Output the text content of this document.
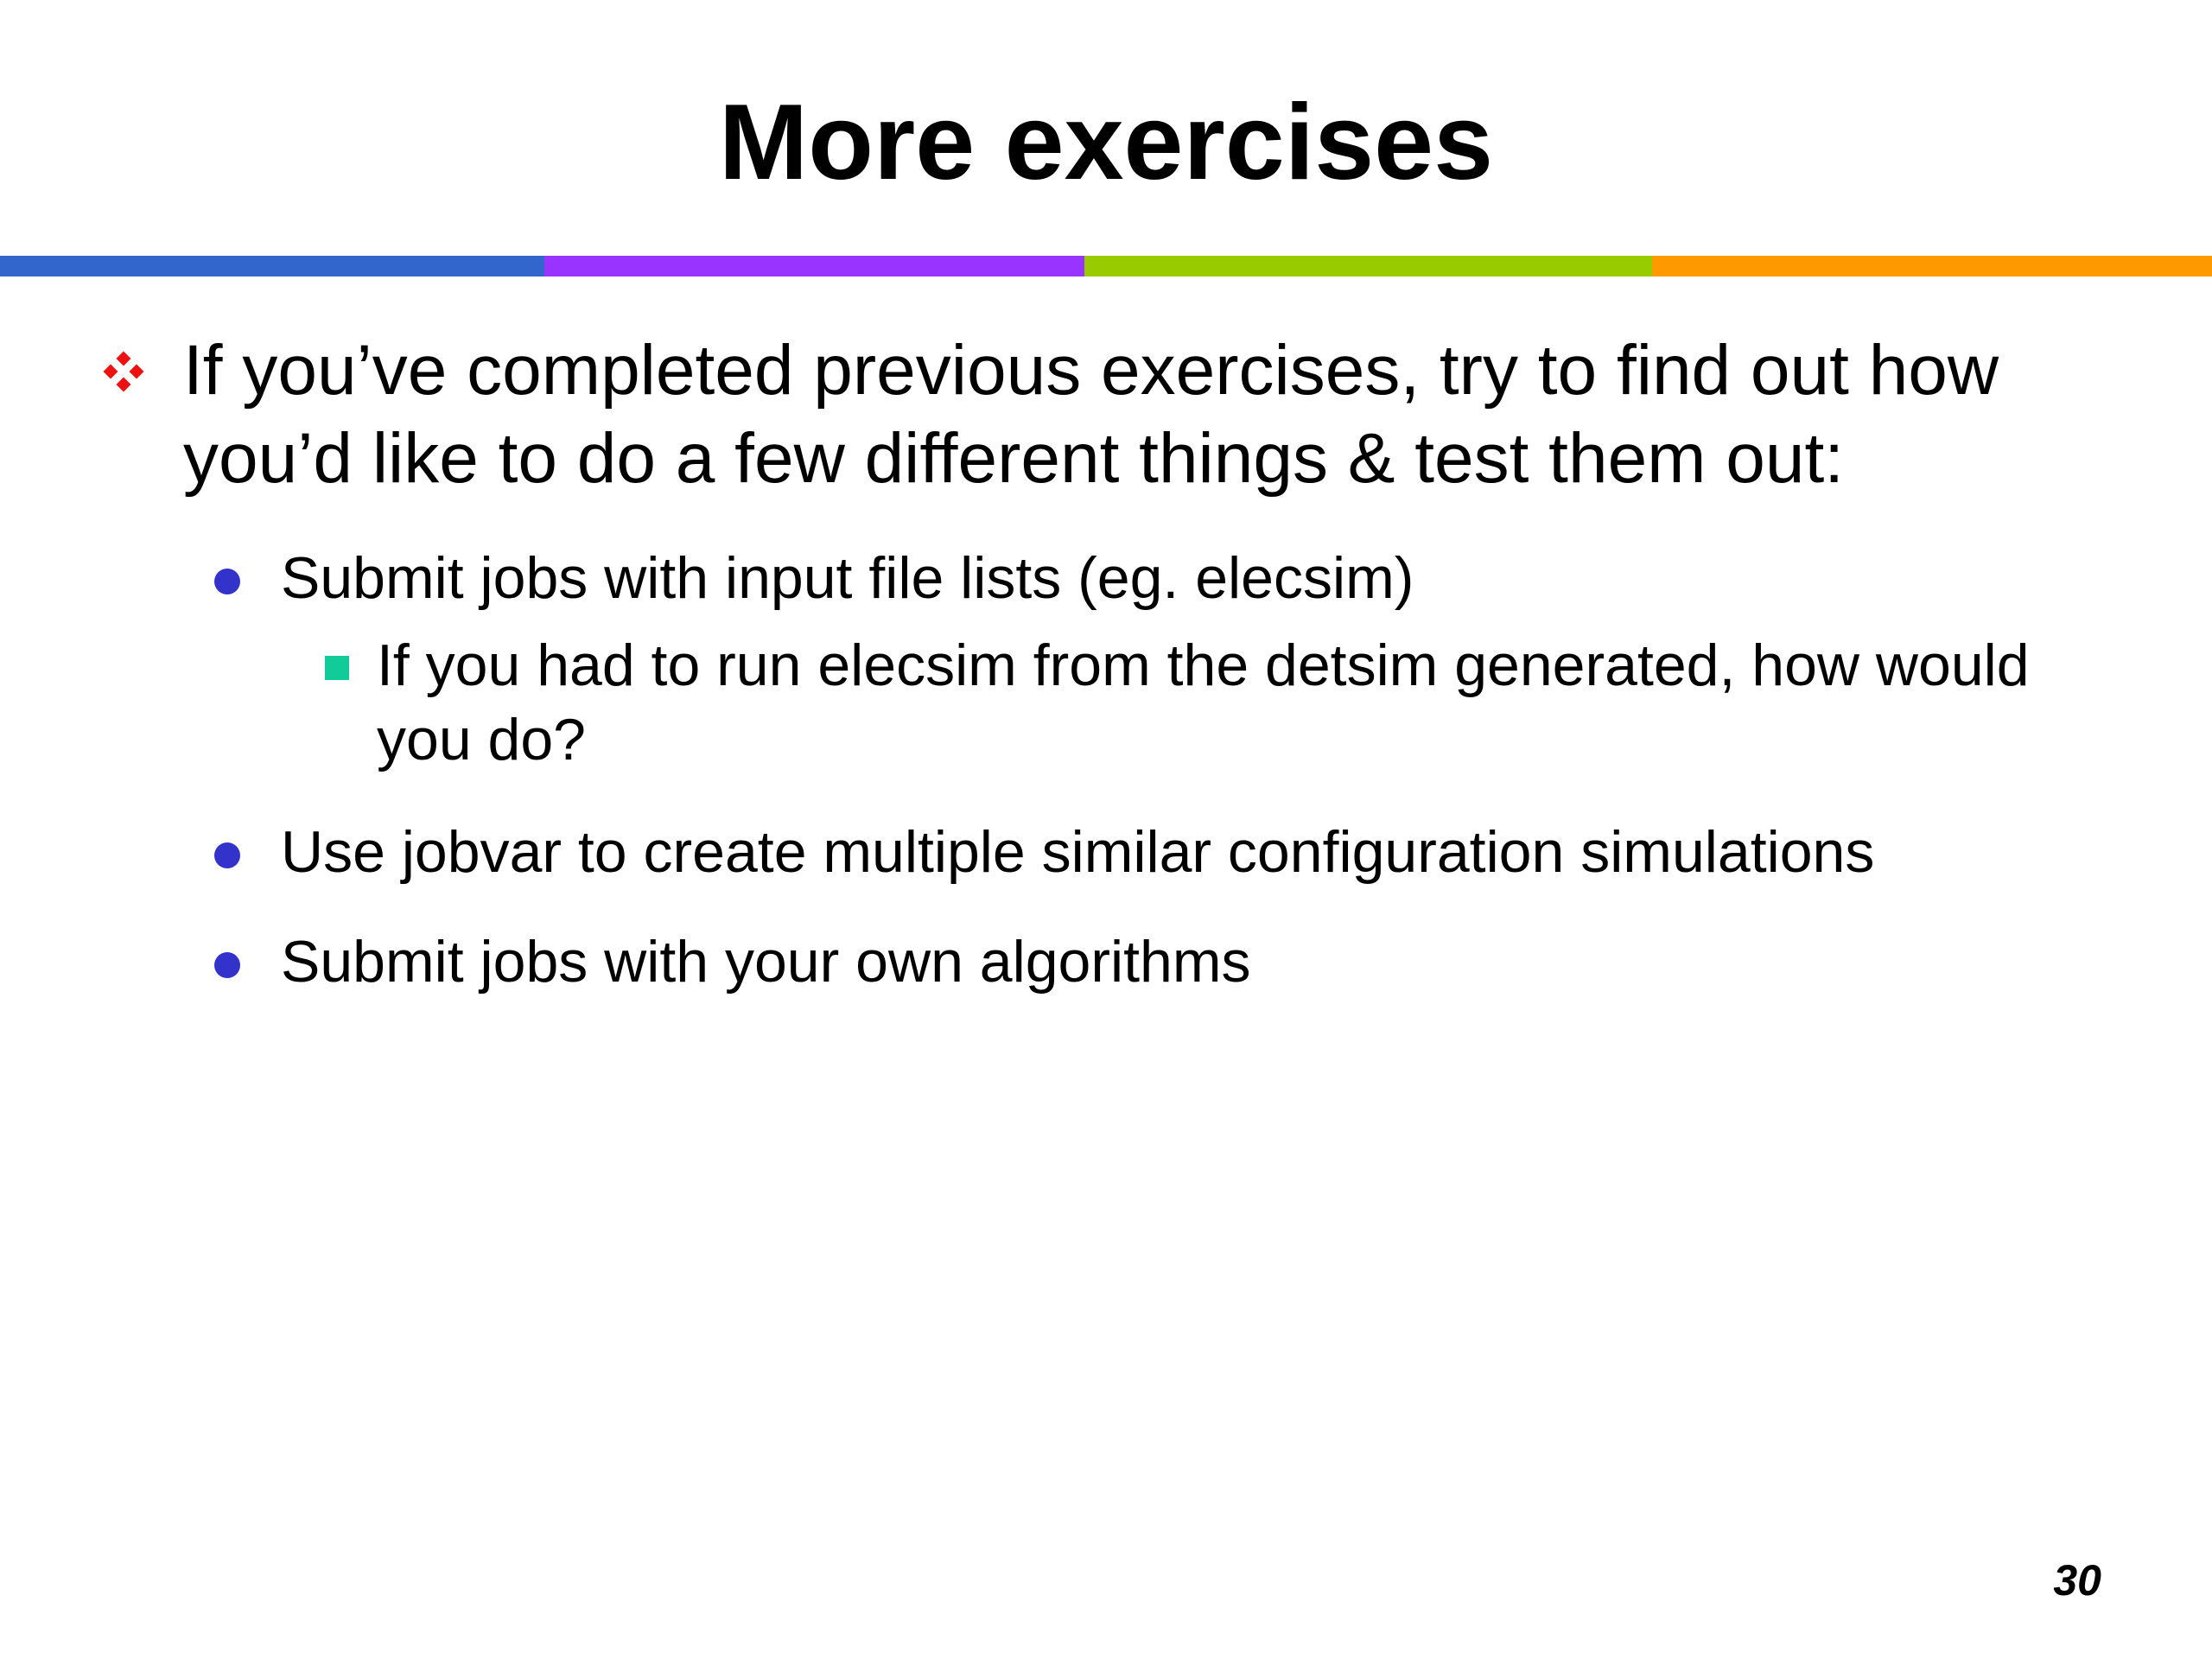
More exercises
If you’ve completed previous exercises, try to find out how you’d like to do a few different things & test them out:
Submit jobs with input file lists (eg. elecsim)
If you had to run elecsim from the detsim generated, how would you do?
Use jobvar to create multiple similar configuration simulations
Submit jobs with your own algorithms
30
